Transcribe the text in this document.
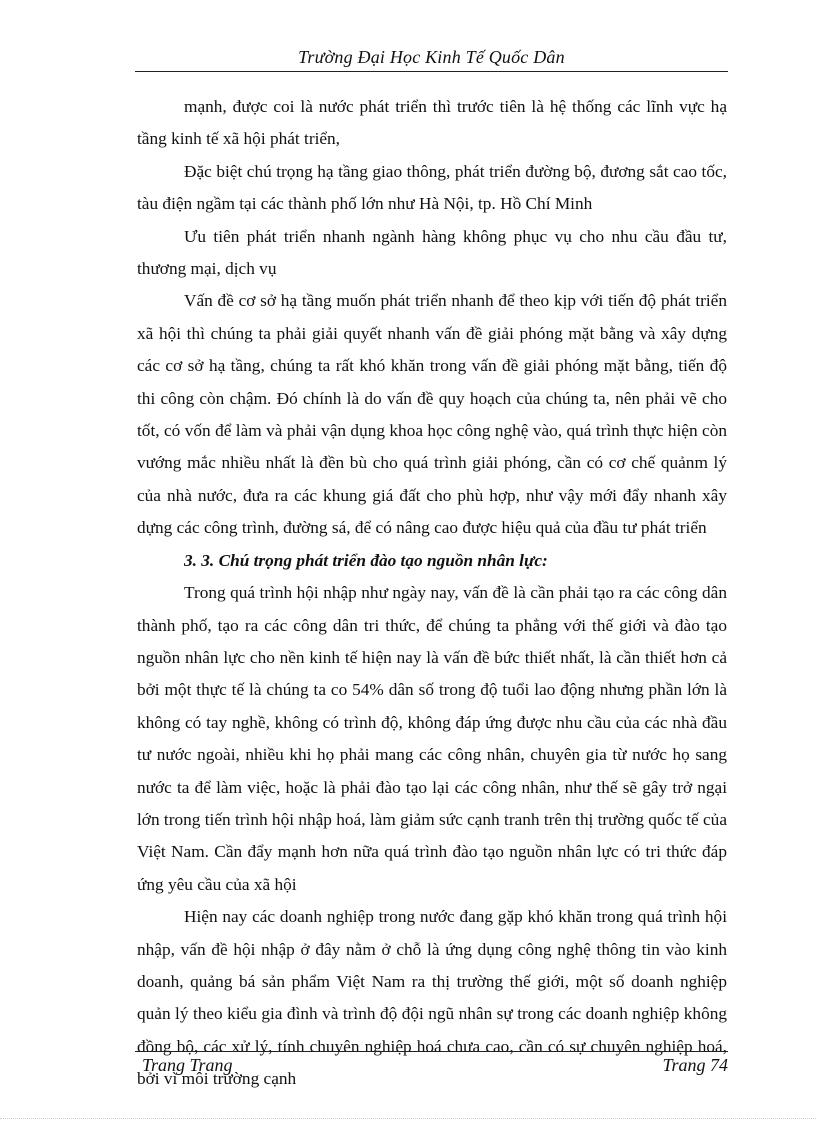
Trường Đại Học Kinh Tế Quốc Dân

mạnh, được coi là nước phát triển thì trước tiên là hệ thống các lĩnh vực hạ tầng kinh tế xã hội phát triển,

Đặc biệt chú trọng hạ tầng giao thông, phát triển đường bộ, đương sắt cao tốc, tàu điện ngầm tại các thành phố lớn như Hà Nội, tp. Hồ Chí Minh

Ưu tiên phát triển nhanh ngành hàng không phục vụ cho nhu cầu đầu tư, thương mại, dịch vụ

Vấn đề cơ sở hạ tầng muốn phát triển nhanh để theo kịp với tiến độ phát triển xã hội thì chúng ta phải giải quyết nhanh vấn đề giải phóng mặt bằng và xây dựng các cơ sở hạ tầng, chúng ta rất khó khăn trong vấn đề giải phóng mặt bằng, tiến độ thi công còn chậm. Đó chính là do vấn đề quy hoạch của chúng ta, nên phải vẽ cho tốt, có vốn để làm và phải vận dụng khoa học công nghệ vào, quá trình thực hiện còn vướng mắc nhiều nhất là đền bù cho quá trình giải phóng, cần có cơ chế quảnm lý của nhà nước, đưa ra các khung giá đất cho phù hợp, như vậy mới đẩy nhanh xây dựng các công trình, đường sá, để có nâng cao được hiệu quả của đầu tư phát triển

3. 3. Chú trọng phát triển đào tạo nguồn nhân lực:

Trong quá trình hội nhập như ngày nay, vấn đề là cần phải tạo ra các công dân thành phố, tạo ra các công dân tri thức, để chúng ta phẳng với thế giới và đào tạo nguồn nhân lực cho nền kinh tế hiện nay là vấn đề bức thiết nhất, là cần thiết hơn cả bởi một thực tế là chúng ta co 54% dân số trong độ tuổi lao động nhưng phần lớn là không có tay nghề, không có trình độ, không đáp ứng được nhu cầu của các nhà đầu tư nước ngoài, nhiều khi họ phải mang các công nhân, chuyên gia từ nước họ sang nước ta để làm việc, hoặc là phải đào tạo lại các công nhân, như thế sẽ gây trở ngại lớn trong tiến trình hội nhập hoá, làm giảm sức cạnh tranh trên thị trường quốc tế của Việt Nam. Cần đẩy mạnh hơn nữa quá trình đào tạo nguồn nhân lực có tri thức đáp ứng yêu cầu của xã hội

Hiện nay các doanh nghiệp trong nước đang gặp khó khăn trong quá trình hội nhập, vấn đề hội nhập ở đây nằm ở chỗ là ứng dụng công nghệ thông tin vào kinh doanh, quảng bá sản phẩm Việt Nam ra thị trường thế giới, một số doanh nghiệp quản lý theo kiểu gia đình và trình độ đội ngũ nhân sự trong các doanh nghiệp không đồng bộ, các xử lý, tính chuyên nghiệp hoá chưa cao, cần có sự chuyên nghiệp hoá, bởi vì môi trường cạnh

Trang Trang	Trang 74
